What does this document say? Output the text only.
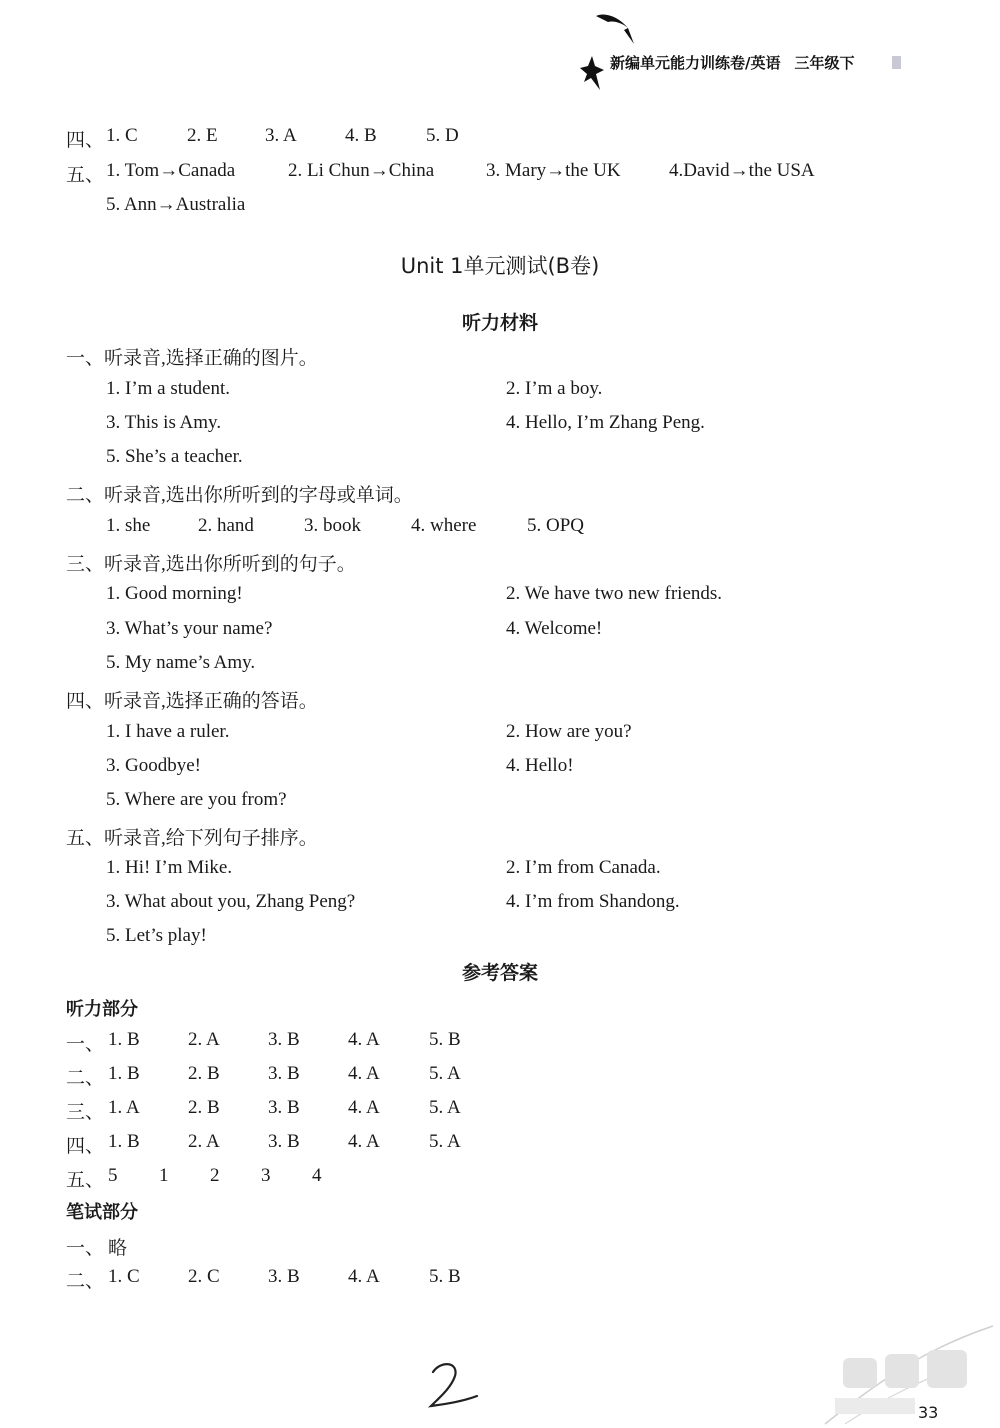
新编单元能力训练卷/英语 三年级下
四、 1. C	2. E 3. A	4. B	5. D
五、 1. Tom→Canada	2. Li Chun→China	3. Mary→the UK	4.David→the USA
5. Ann→Australia
Unit 1单元测试(B卷)
听力材料
一、听录音,选择正确的图片。
1. I’m a student.	2. I’m a boy.
3. This is Amy.	4. Hello, I’m Zhang Peng.
5. She’s a teacher.
二、听录音,选出你所听到的字母或单词。
1. she	2. hand	3. book	4. where	5. OPQ
三、听录音,选出你所听到的句子。
1. Good morning!	2. We have two new friends.
3. What’s your name?	4. Welcome!
5. My name’s Amy.
四、听录音,选择正确的答语。
1. I have a ruler.	2. How are you?
3. Goodbye!	4. Hello!
5. Where are you from?
五、听录音,给下列句子排序。
1. Hi! I’m Mike.	2. I’m from Canada.
3. What about you, Zhang Peng?	4. I’m from Shandong.
5. Let’s play!
参考答案
听力部分
一、 1. B	2. A	3. B	4. A	5. B
二、 1. B	2. B	3. B	4. A	5. A
三、 1. A	2. B	3. B	4. A	5. A
四、 1. B	2. A	3. B	4. A	5. A
五、 5 1 2 3 4
笔试部分
一、 略
二、 1. C	2. C	3. B	4. A	5. B
33
